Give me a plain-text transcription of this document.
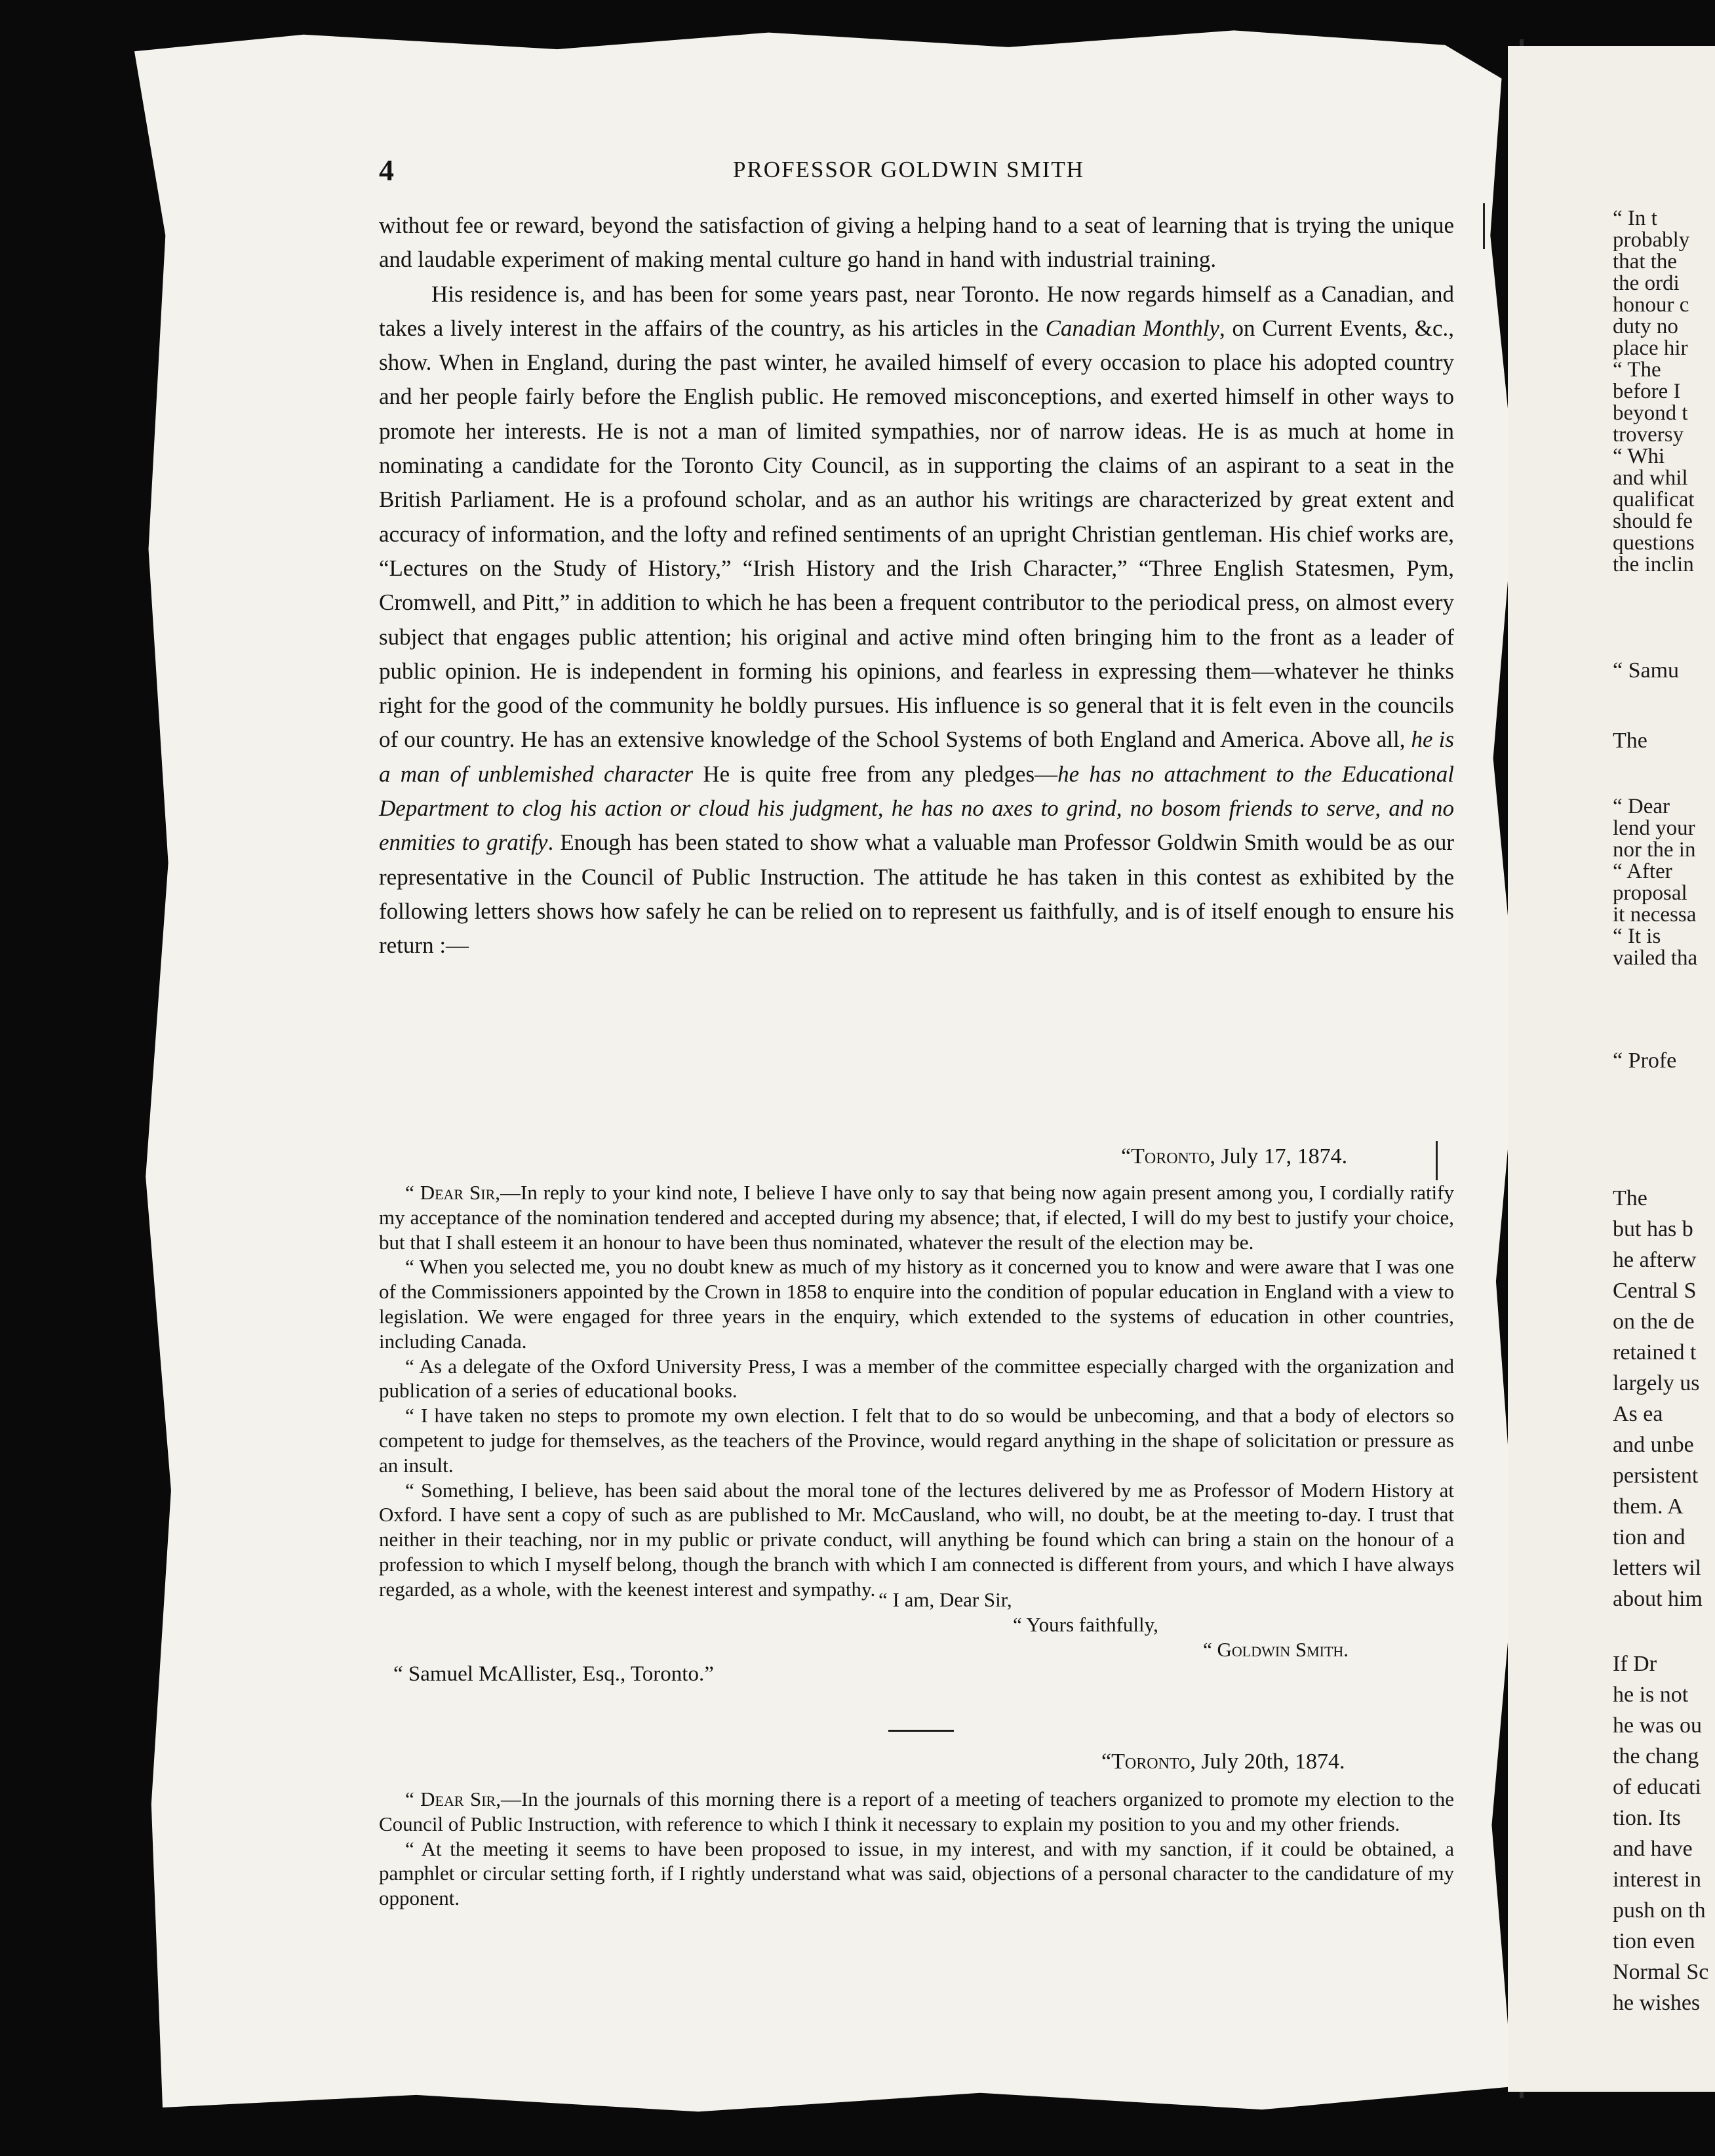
“ In t
probably
that the
the ordi
honour c
duty no
place hir
“ The
before I
beyond t
troversy
“ Whi
and whil
qualificat
should fe
questions
the inclin
“ Samu
The
“ Dear
lend your
nor the in
“ After
proposal
it necessa
“ It is
vailed tha
“ Profe
The
but has b
he afterw
Central S
on the de
retained t
largely us
As ea
and unbe
persistent
them. A
tion and
letters wil
about him
If Dr
he is not
he was ou
the chang
of educati
tion. Its
and have
interest in
push on th
tion even
Normal Sc
he wishes
4	PROFESSOR GOLDWIN SMITH

without fee or reward, beyond the satisfaction of giving a helping hand to a seat of learning that is trying the unique and laudable experiment of making mental culture go hand in hand with industrial training.

His residence is, and has been for some years past, near Toronto. He now regards himself as a Canadian, and takes a lively interest in the affairs of the country, as his articles in the Canadian Monthly, on Current Events, &c., show. When in England, during the past winter, he availed himself of every occasion to place his adopted country and her people fairly before the English public. He removed misconceptions, and exerted himself in other ways to promote her interests. He is not a man of limited sympathies, nor of narrow ideas. He is as much at home in nominating a candidate for the Toronto City Council, as in supporting the claims of an aspirant to a seat in the British Parliament. He is a profound scholar, and as an author his writings are characterized by great extent and accuracy of information, and the lofty and refined sentiments of an upright Christian gentleman. His chief works are, “Lectures on the Study of History,” “Irish History and the Irish Character,” “Three English Statesmen, Pym, Cromwell, and Pitt,” in addition to which he has been a frequent contributor to the periodical press, on almost every subject that engages public attention; his original and active mind often bringing him to the front as a leader of public opinion. He is independent in forming his opinions, and fearless in expressing them—whatever he thinks right for the good of the community he boldly pursues. His influence is so general that it is felt even in the councils of our country. He has an extensive knowledge of the School Systems of both England and America. Above all, he is a man of unblemished character He is quite free from any pledges—he has no attachment to the Educational Department to clog his action or cloud his judgment, he has no axes to grind, no bosom friends to serve, and no enmities to gratify. Enough has been stated to show what a valuable man Professor Goldwin Smith would be as our representative in the Council of Public Instruction. The attitude he has taken in this contest as exhibited by the following letters shows how safely he can be relied on to represent us faithfully, and is of itself enough to ensure his return :—

“Toronto, July 17, 1874.

“ Dear Sir,—In reply to your kind note, I believe I have only to say that being now again present among you, I cordially ratify my acceptance of the nomination tendered and accepted during my absence; that, if elected, I will do my best to justify your choice, but that I shall esteem it an honour to have been thus nominated, whatever the result of the election may be.

“ When you selected me, you no doubt knew as much of my history as it concerned you to know and were aware that I was one of the Commissioners appointed by the Crown in 1858 to enquire into the condition of popular education in England with a view to legislation. We were engaged for three years in the enquiry, which extended to the systems of education in other countries, including Canada.

“ As a delegate of the Oxford University Press, I was a member of the committee especially charged with the organization and publication of a series of educational books.

“ I have taken no steps to promote my own election. I felt that to do so would be unbecoming, and that a body of electors so competent to judge for themselves, as the teachers of the Province, would regard anything in the shape of solicitation or pressure as an insult.

“ Something, I believe, has been said about the moral tone of the lectures delivered by me as Professor of Modern History at Oxford. I have sent a copy of such as are published to Mr. McCausland, who will, no doubt, be at the meeting to-day. I trust that neither in their teaching, nor in my public or private conduct, will anything be found which can bring a stain on the honour of a profession to which I myself belong, though the branch with which I am connected is different from yours, and which I have always regarded, as a whole, with the keenest interest and sympathy. “ I am, Dear Sir,
“ Yours faithfully,
“ Goldwin Smith.
“ Samuel McAllister, Esq., Toronto.”
“Toronto, July 20th, 1874.

“ Dear Sir,—In the journals of this morning there is a report of a meeting of teachers organized to promote my election to the Council of Public Instruction, with reference to which I think it necessary to explain my position to you and my other friends.

“ At the meeting it seems to have been proposed to issue, in my interest, and with my sanction, if it could be obtained, a pamphlet or circular setting forth, if I rightly understand what was said, objections of a personal character to the candidature of my opponent.
